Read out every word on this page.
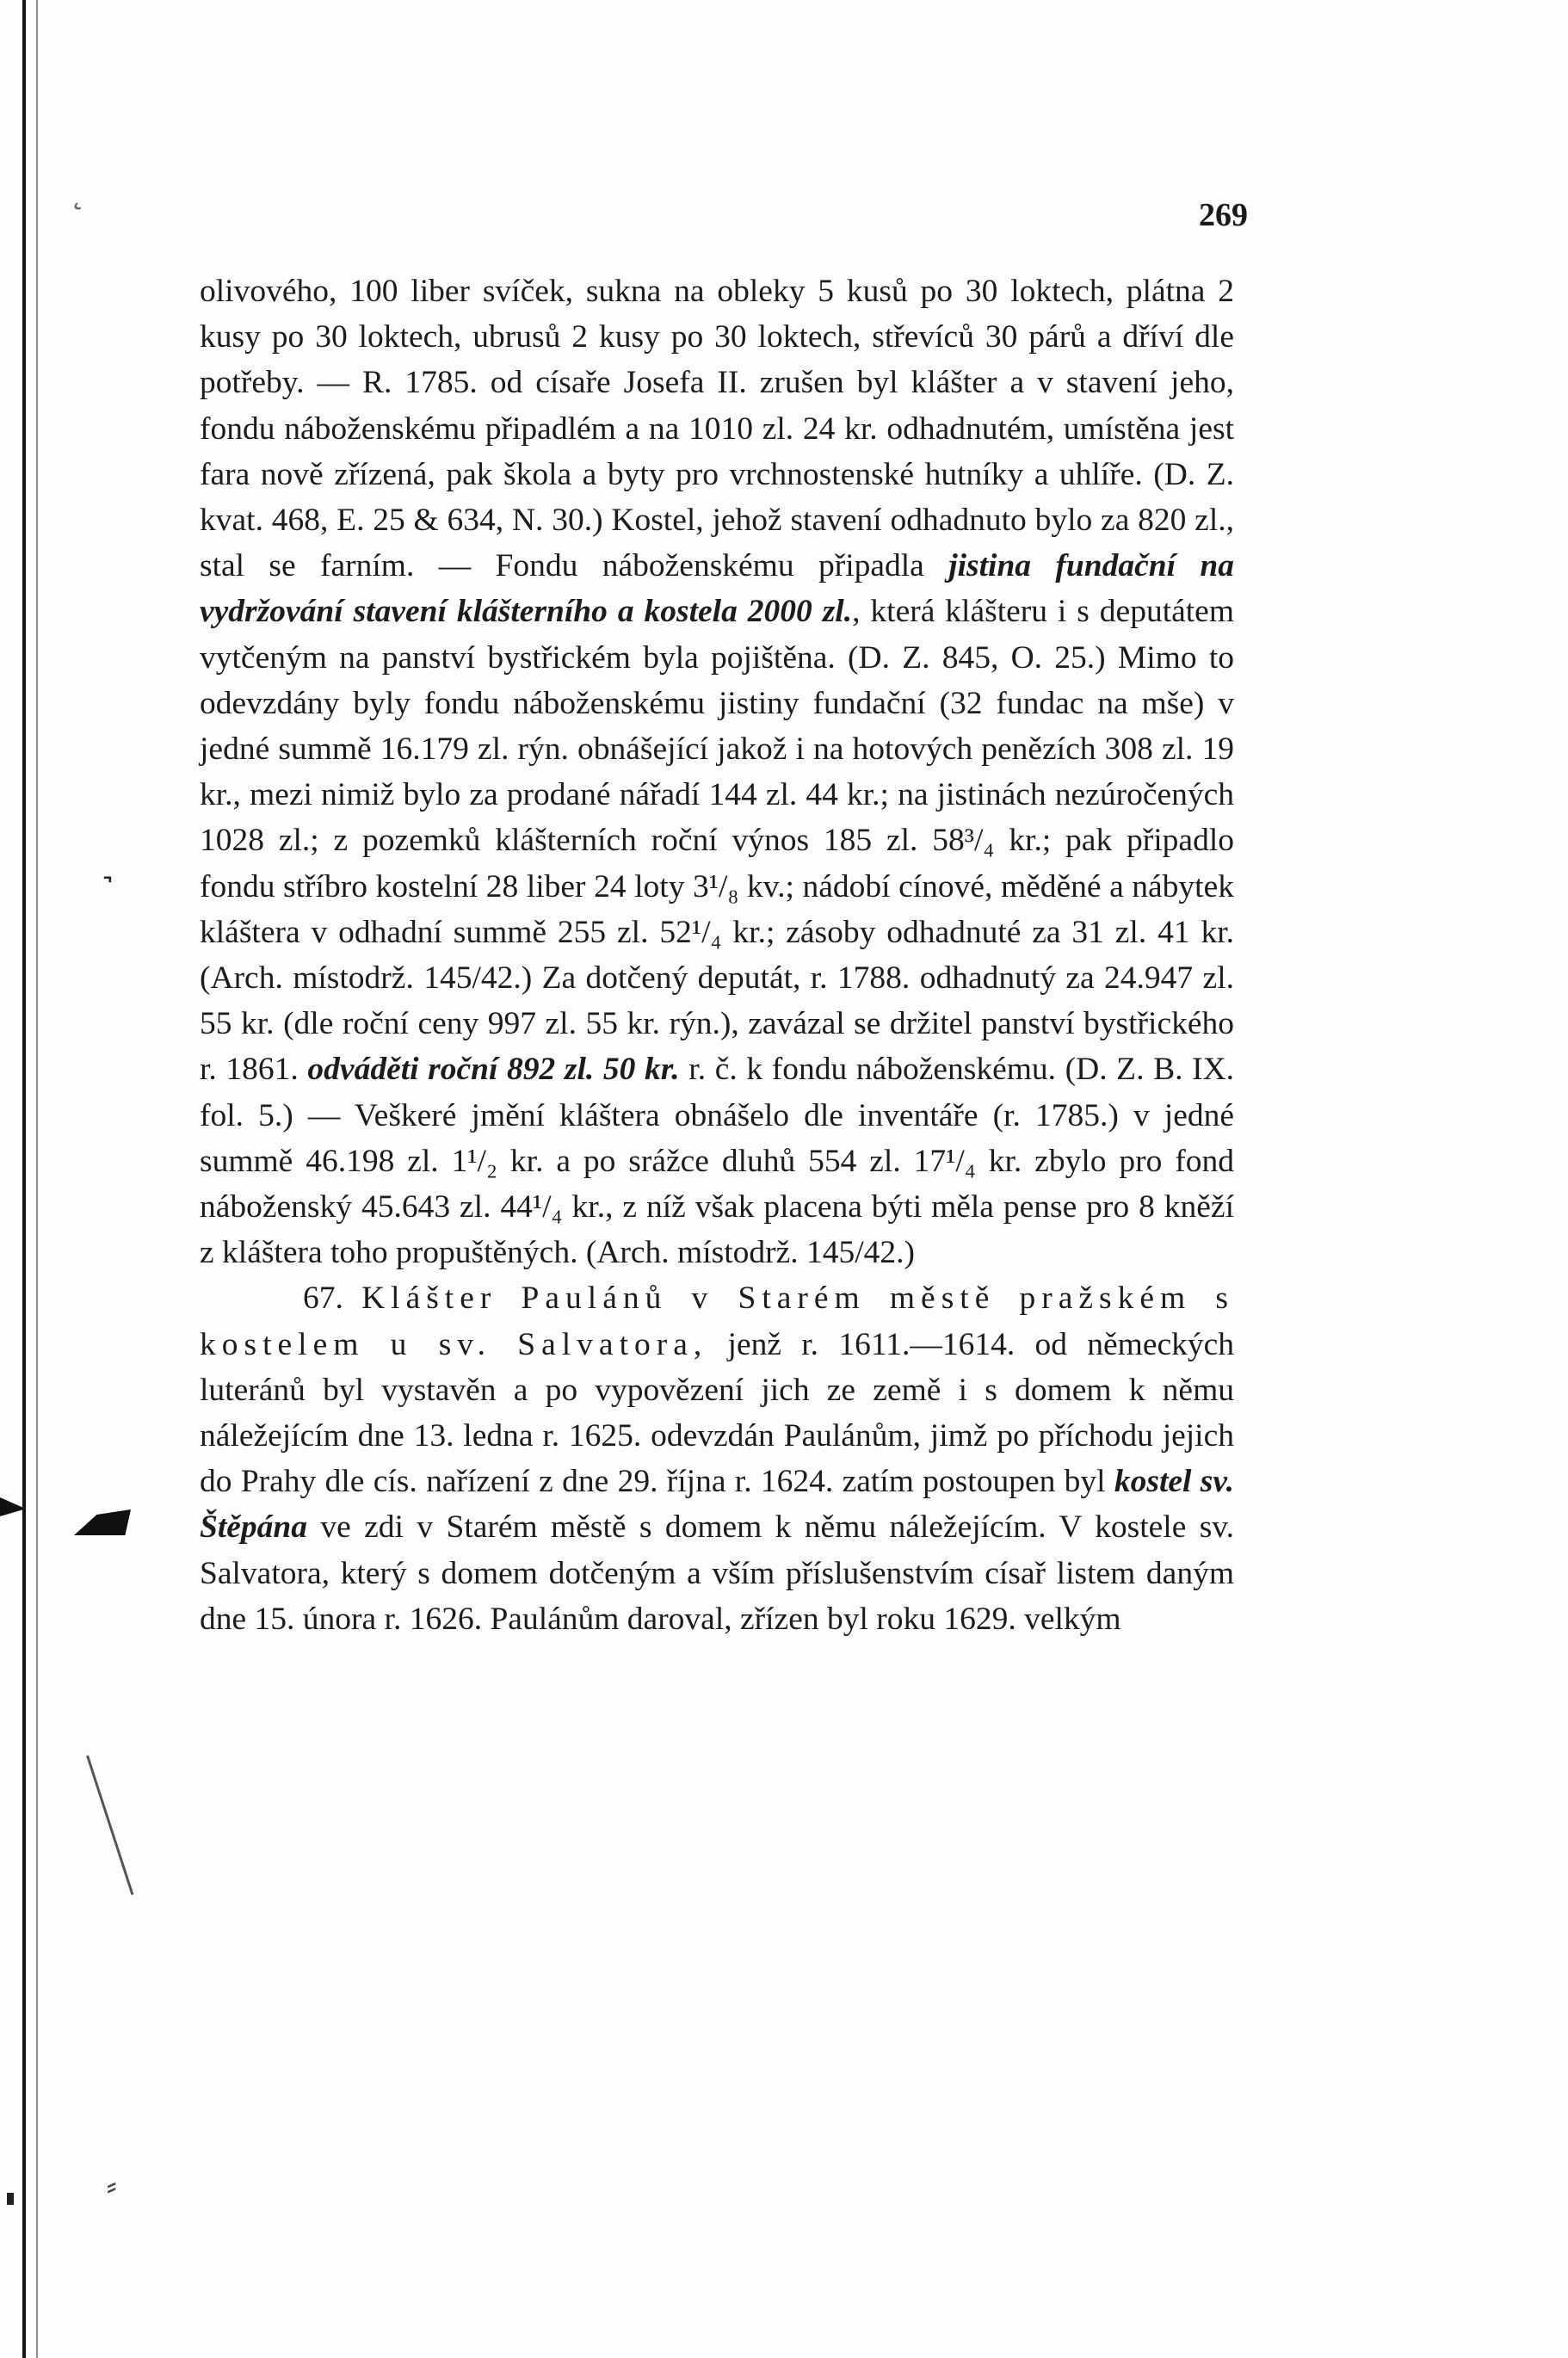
˛
˺
⸗
269

olivového, 100 liber svíček, sukna na obleky 5 kusů po 30 loktech, plátna 2 kusy po 30 loktech, ubrusů 2 kusy po 30 loktech, střevíců 30 párů a dříví dle potřeby. — R. 1785. od císaře Josefa II. zrušen byl klášter a v stavení jeho, fondu náboženskému připadlém a na 1010 zl. 24 kr. odhadnutém, umístěna jest fara nově zřízená, pak škola a byty pro vrchnostenské hutníky a uhlíře. (D. Z. kvat. 468, E. 25 & 634, N. 30.) Kostel, jehož stavení odhadnuto bylo za 820 zl., stal se farním. — Fondu náboženskému připadla jistina fundační na vydržování stavení klášterního a kostela 2000 zl., která klášteru i s deputátem vytčeným na panství bystřickém byla pojištěna. (D. Z. 845, O. 25.) Mimo to odevzdány byly fondu náboženskému jistiny fundační (32 fundac na mše) v jedné summě 16.179 zl. rýn. obnášející jakož i na hotových penězích 308 zl. 19 kr., mezi nimiž bylo za prodané nářadí 144 zl. 44 kr.; na jistinách nezúročených 1028 zl.; z pozemků klášterních roční výnos 185 zl. 58³/₄ kr.; pak připadlo fondu stříbro kostelní 28 liber 24 loty 3¹/₈ kv.; nádobí cínové, měděné a nábytek kláštera v odhadní summě 255 zl. 52¹/₄ kr.; zásoby odhadnuté za 31 zl. 41 kr. (Arch. místodrž. 145/42.) Za dotčený deputát, r. 1788. odhadnutý za 24.947 zl. 55 kr. (dle roční ceny 997 zl. 55 kr. rýn.), zavázal se držitel panství bystřického r. 1861. odváděti roční 892 zl. 50 kr. r. č. k fondu náboženskému. (D. Z. B. IX. fol. 5.) — Veškeré jmění kláštera obnášelo dle inventáře (r. 1785.) v jedné summě 46.198 zl. 1¹/₂ kr. a po srážce dluhů 554 zl. 17¹/₄ kr. zbylo pro fond náboženský 45.643 zl. 44¹/₄ kr., z níž však placena býti měla pense pro 8 kněží z kláštera toho propuštěných. (Arch. místodrž. 145/42.)

67. Klášter Paulánů v Starém městě pražském s kostelem u sv. Salvatora, jenž r. 1611.—1614. od německých luteránů byl vystavěn a po vypovězení jich ze země i s domem k němu náležejícím dne 13. ledna r. 1625. odevzdán Paulánům, jimž po příchodu jejich do Prahy dle cís. nařízení z dne 29. října r. 1624. zatím postoupen byl kostel sv. Štěpána ve zdi v Starém městě s domem k němu náležejícím. V kostele sv. Salvatora, který s domem dotčeným a vším příslušenstvím císař listem daným dne 15. února r. 1626. Paulánům daroval, zřízen byl roku 1629. velkým
